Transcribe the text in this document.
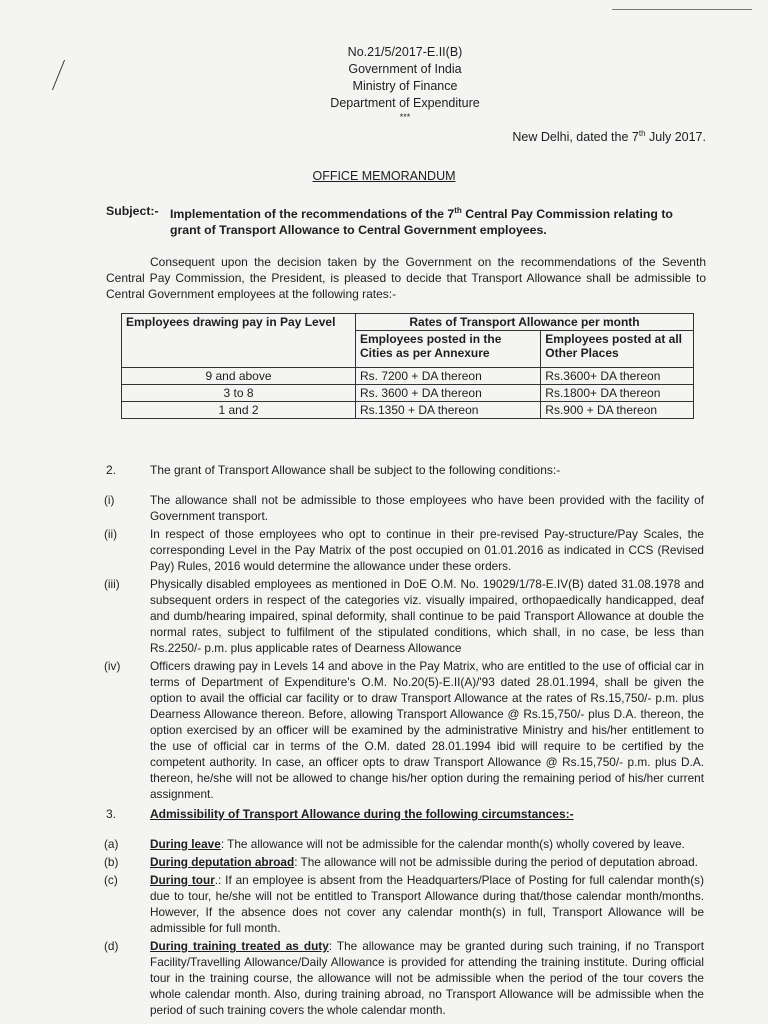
No.21/5/2017-E.II(B)
Government of India
Ministry of Finance
Department of Expenditure
***
New Delhi, dated the 7th July 2017.
OFFICE MEMORANDUM
Subject:- Implementation of the recommendations of the 7th Central Pay Commission relating to grant of Transport Allowance to Central Government employees.
Consequent upon the decision taken by the Government on the recommendations of the Seventh Central Pay Commission, the President, is pleased to decide that Transport Allowance shall be admissible to Central Government employees at the following rates:-
Employees drawing pay in Pay Level	Rates of Transport Allowance per month	
	Employees posted in the Cities as per Annexure	Employees posted at all Other Places
9 and above	Rs. 7200 + DA thereon	Rs.3600+ DA thereon
3 to 8	Rs. 3600 + DA thereon	Rs.1800+ DA thereon
1 and 2	Rs.1350 + DA thereon	Rs.900 + DA thereon
2.	The grant of Transport Allowance shall be subject to the following conditions:-
(i)	The allowance shall not be admissible to those employees who have been provided with the facility of Government transport.
(ii)	In respect of those employees who opt to continue in their pre-revised Pay-structure/Pay Scales, the corresponding Level in the Pay Matrix of the post occupied on 01.01.2016 as indicated in CCS (Revised Pay) Rules, 2016 would determine the allowance under these orders.
(iii)	Physically disabled employees as mentioned in DoE O.M. No. 19029/1/78-E.IV(B) dated 31.08.1978 and subsequent orders in respect of the categories viz. visually impaired, orthopaedically handicapped, deaf and dumb/hearing impaired, spinal deformity, shall continue to be paid Transport Allowance at double the normal rates, subject to fulfilment of the stipulated conditions, which shall, in no case, be less than Rs.2250/- p.m. plus applicable rates of Dearness Allowance
(iv)	Officers drawing pay in Levels 14 and above in the Pay Matrix, who are entitled to the use of official car in terms of Department of Expenditure's O.M. No.20(5)-E.II(A)/'93 dated 28.01.1994, shall be given the option to avail the official car facility or to draw Transport Allowance at the rates of Rs.15,750/- p.m. plus Dearness Allowance thereon. Before, allowing Transport Allowance @ Rs.15,750/- plus D.A. thereon, the option exercised by an officer will be examined by the administrative Ministry and his/her entitlement to the use of official car in terms of the O.M. dated 28.01.1994 ibid will require to be certified by the competent authority. In case, an officer opts to draw Transport Allowance @ Rs.15,750/- p.m. plus D.A. thereon, he/she will not be allowed to change his/her option during the remaining period of his/her current assignment.
3.	Admissibility of Transport Allowance during the following circumstances:-
(a)	During leave: The allowance will not be admissible for the calendar month(s) wholly covered by leave.
(b)	During deputation abroad: The allowance will not be admissible during the period of deputation abroad.
(c)	During tour.: If an employee is absent from the Headquarters/Place of Posting for full calendar month(s) due to tour, he/she will not be entitled to Transport Allowance during that/those calendar month/months. However, If the absence does not cover any calendar month(s) in full, Transport Allowance will be admissible for full month.
(d)	During training treated as duty: The allowance may be granted during such training, if no Transport Facility/Travelling Allowance/Daily Allowance is provided for attending the training institute. During official tour in the training course, the allowance will not be admissible when the period of the tour covers the whole calendar month. Also, during training abroad, no Transport Allowance will be admissible when the period of such training covers the whole calendar month.
